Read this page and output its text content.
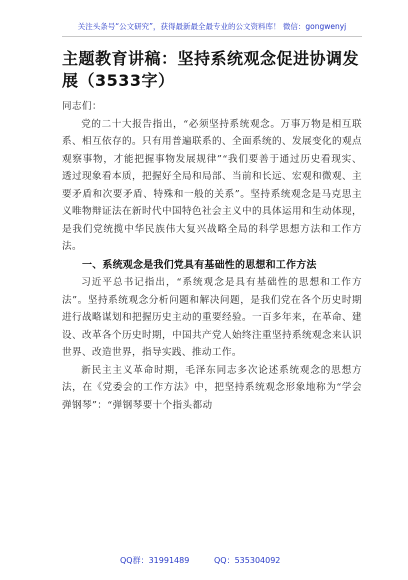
关注头条号“公文研究”，获得最新最全最专业的公文资料库！ 微信：gongwenyj
主题教育讲稿：坚持系统观念促进协调发展（3533字）

同志们：

党的二十大报告指出，“必须坚持系统观念。万事万物是相互联系、相互依存的。只有用普遍联系的、全面系统的、发展变化的观点观察事物，才能把握事物发展规律”“我们要善于通过历史看现实、透过现象看本质，把握好全局和局部、当前和长远、宏观和微观、主要矛盾和次要矛盾、特殊和一般的关系”。坚持系统观念是马克思主义唯物辩证法在新时代中国特色社会主义中的具体运用和生动体现，是我们党统揽中华民族伟大复兴战略全局的科学思想方法和工作方法。

一、系统观念是我们党具有基础性的思想和工作方法

习近平总书记指出，“系统观念是具有基础性的思想和工作方法”。坚持系统观念分析问题和解决问题，是我们党在各个历史时期进行战略谋划和把握历史主动的重要经验。一百多年来，在革命、建设、改革各个历史时期，中国共产党人始终注重坚持系统观念来认识世界、改造世界，指导实践、推动工作。

新民主主义革命时期，毛泽东同志多次论述系统观念的思想方法，在《党委会的工作方法》中，把坚持系统观念形象地称为“学会弹钢琴”：“弹钢琴要十个指头都动

QQ群：31991489	QQ：535304092
